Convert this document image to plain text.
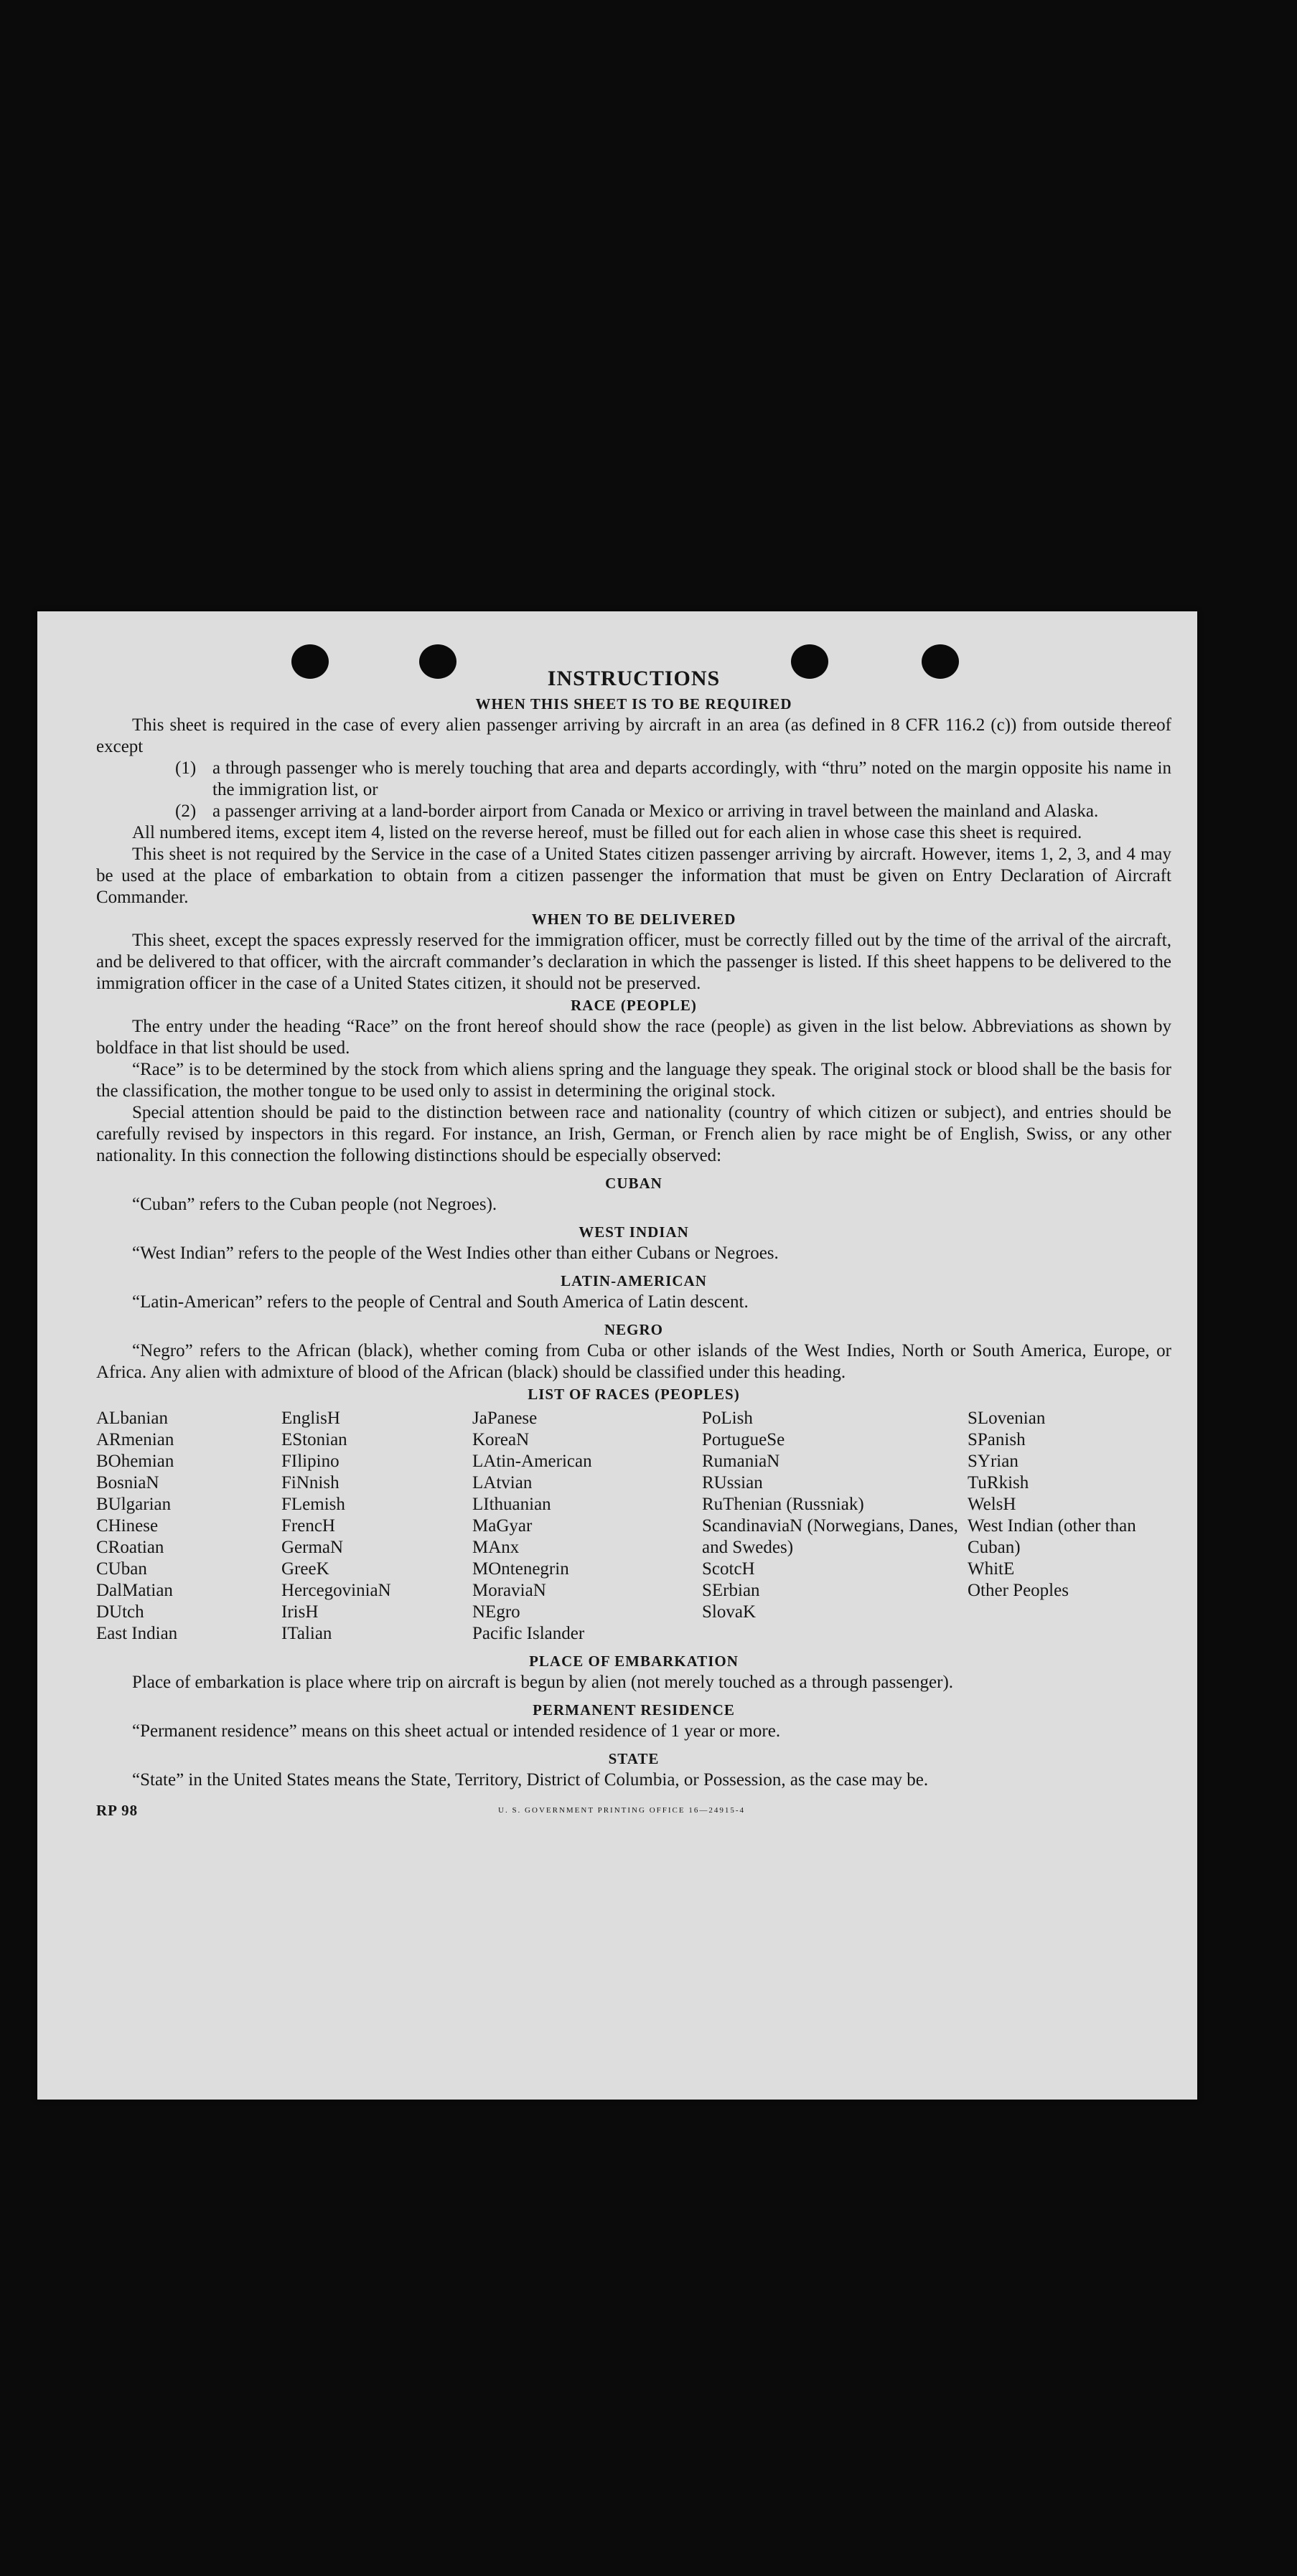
INSTRUCTIONS
WHEN THIS SHEET IS TO BE REQUIRED

This sheet is required in the case of every alien passenger arriving by aircraft in an area (as defined in 8 CFR 116.2 (c)) from outside thereof except

(1) a through passenger who is merely touching that area and departs accordingly, with “thru” noted on the margin opposite his name in the immigration list, or
(2) a passenger arriving at a land-border airport from Canada or Mexico or arriving in travel between the mainland and Alaska.

All numbered items, except item 4, listed on the reverse hereof, must be filled out for each alien in whose case this sheet is required.

This sheet is not required by the Service in the case of a United States citizen passenger arriving by aircraft. However, items 1, 2, 3, and 4 may be used at the place of embarkation to obtain from a citizen passenger the information that must be given on Entry Declaration of Aircraft Commander.

WHEN TO BE DELIVERED

This sheet, except the spaces expressly reserved for the immigration officer, must be correctly filled out by the time of the arrival of the aircraft, and be delivered to that officer, with the aircraft commander’s declaration in which the passenger is listed. If this sheet happens to be delivered to the immigration officer in the case of a United States citizen, it should not be preserved.

RACE (PEOPLE)

The entry under the heading “Race” on the front hereof should show the race (people) as given in the list below. Abbreviations as shown by boldface in that list should be used.

“Race” is to be determined by the stock from which aliens spring and the language they speak. The original stock or blood shall be the basis for the classification, the mother tongue to be used only to assist in determining the original stock.

Special attention should be paid to the distinction between race and nationality (country of which citizen or subject), and entries should be carefully revised by inspectors in this regard. For instance, an Irish, German, or French alien by race might be of English, Swiss, or any other nationality. In this connection the following distinctions should be especially observed:

CUBAN

“Cuban” refers to the Cuban people (not Negroes).

WEST INDIAN

“West Indian” refers to the people of the West Indies other than either Cubans or Negroes.

LATIN-AMERICAN

“Latin-American” refers to the people of Central and South America of Latin descent.

NEGRO

“Negro” refers to the African (black), whether coming from Cuba or other islands of the West Indies, North or South America, Europe, or Africa. Any alien with admixture of blood of the African (black) should be classified under this heading.

LIST OF RACES (PEOPLES)
ALbanian
ARmenian
BOhemian
BosniaN
BUlgarian
CHinese
CRoatian
CUban
DalMatian
DUtch
East Indian
EnglisH
EStonian
FIlipino
FiNnish
FLemish
FrencH
GermaN
GreeK
HercegoviniaN
IrisH
ITalian
JaPanese
KoreaN
LAtin-American
LAtvian
LIthuanian
MaGyar
MAnx
MOntenegrin
MoraviaN
NEgro
Pacific Islander
PoLish
PortugueSe
RumaniaN
RUssian
RuThenian (Russniak)
ScandinaviaN (Norwegians, Danes, and Swedes)
ScotcH
SErbian
SlovaK
SLovenian
SPanish
SYrian
TuRkish
WelsH
West Indian (other than Cuban)
WhitE
Other Peoples
PLACE OF EMBARKATION

Place of embarkation is place where trip on aircraft is begun by alien (not merely touched as a through passenger).

PERMANENT RESIDENCE

“Permanent residence” means on this sheet actual or intended residence of 1 year or more.

STATE

“State” in the United States means the State, Territory, District of Columbia, or Possession, as the case may be.

RP 98	U. S. GOVERNMENT PRINTING OFFICE 16—24915-4
